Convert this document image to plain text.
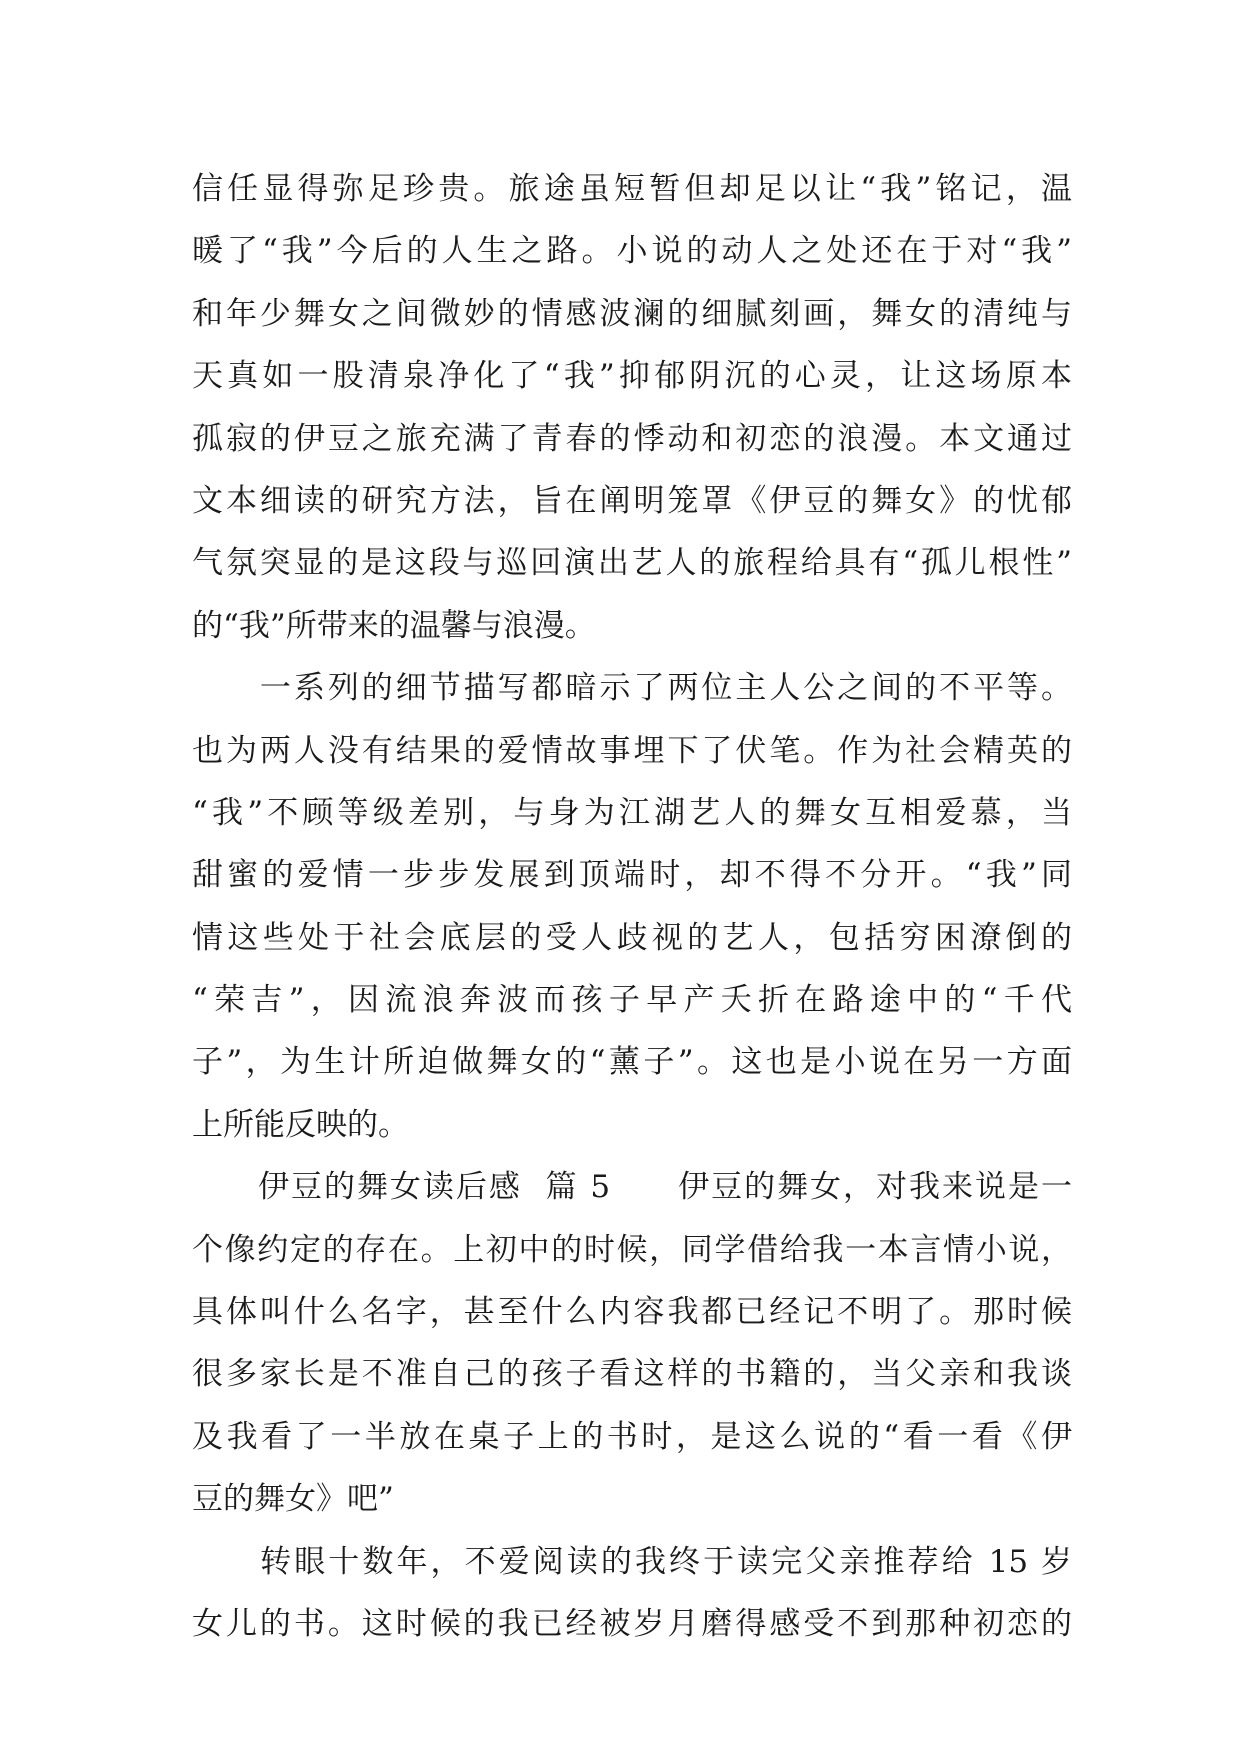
信任显得弥足珍贵。旅途虽短暂但却足以让“我”铭记，温
暖了“我”今后的人生之路。小说的动人之处还在于对“我”
和年少舞女之间微妙的情感波澜的细腻刻画，舞女的清纯与
天真如一股清泉净化了“我”抑郁阴沉的心灵，让这场原本
孤寂的伊豆之旅充满了青春的悸动和初恋的浪漫。本文通过
文本细读的研究方法，旨在阐明笼罩《伊豆的舞女》的忧郁
气氛突显的是这段与巡回演出艺人的旅程给具有“孤儿根性”
的“我”所带来的温馨与浪漫。
　　一系列的细节描写都暗示了两位主人公之间的不平等。
也为两人没有结果的爱情故事埋下了伏笔。作为社会精英的
“我”不顾等级差别，与身为江湖艺人的舞女互相爱慕，当
甜蜜的爱情一步步发展到顶端时，却不得不分开。“我”同
情这些处于社会底层的受人歧视的艺人，包括穷困潦倒的
“荣吉”，因流浪奔波而孩子早产夭折在路途中的“千代
子”，为生计所迫做舞女的“薰子”。这也是小说在另一方面
上所能反映的。
　　伊豆的舞女读后感  篇 5　　伊豆的舞女，对我来说是一
个像约定的存在。上初中的时候，同学借给我一本言情小说，
具体叫什么名字，甚至什么内容我都已经记不明了。那时候
很多家长是不准自己的孩子看这样的书籍的，当父亲和我谈
及我看了一半放在桌子上的书时，是这么说的“看一看《伊
豆的舞女》吧”
　　转眼十数年，不爱阅读的我终于读完父亲推荐给 15 岁
女儿的书。这时候的我已经被岁月磨得感受不到那种初恋的
